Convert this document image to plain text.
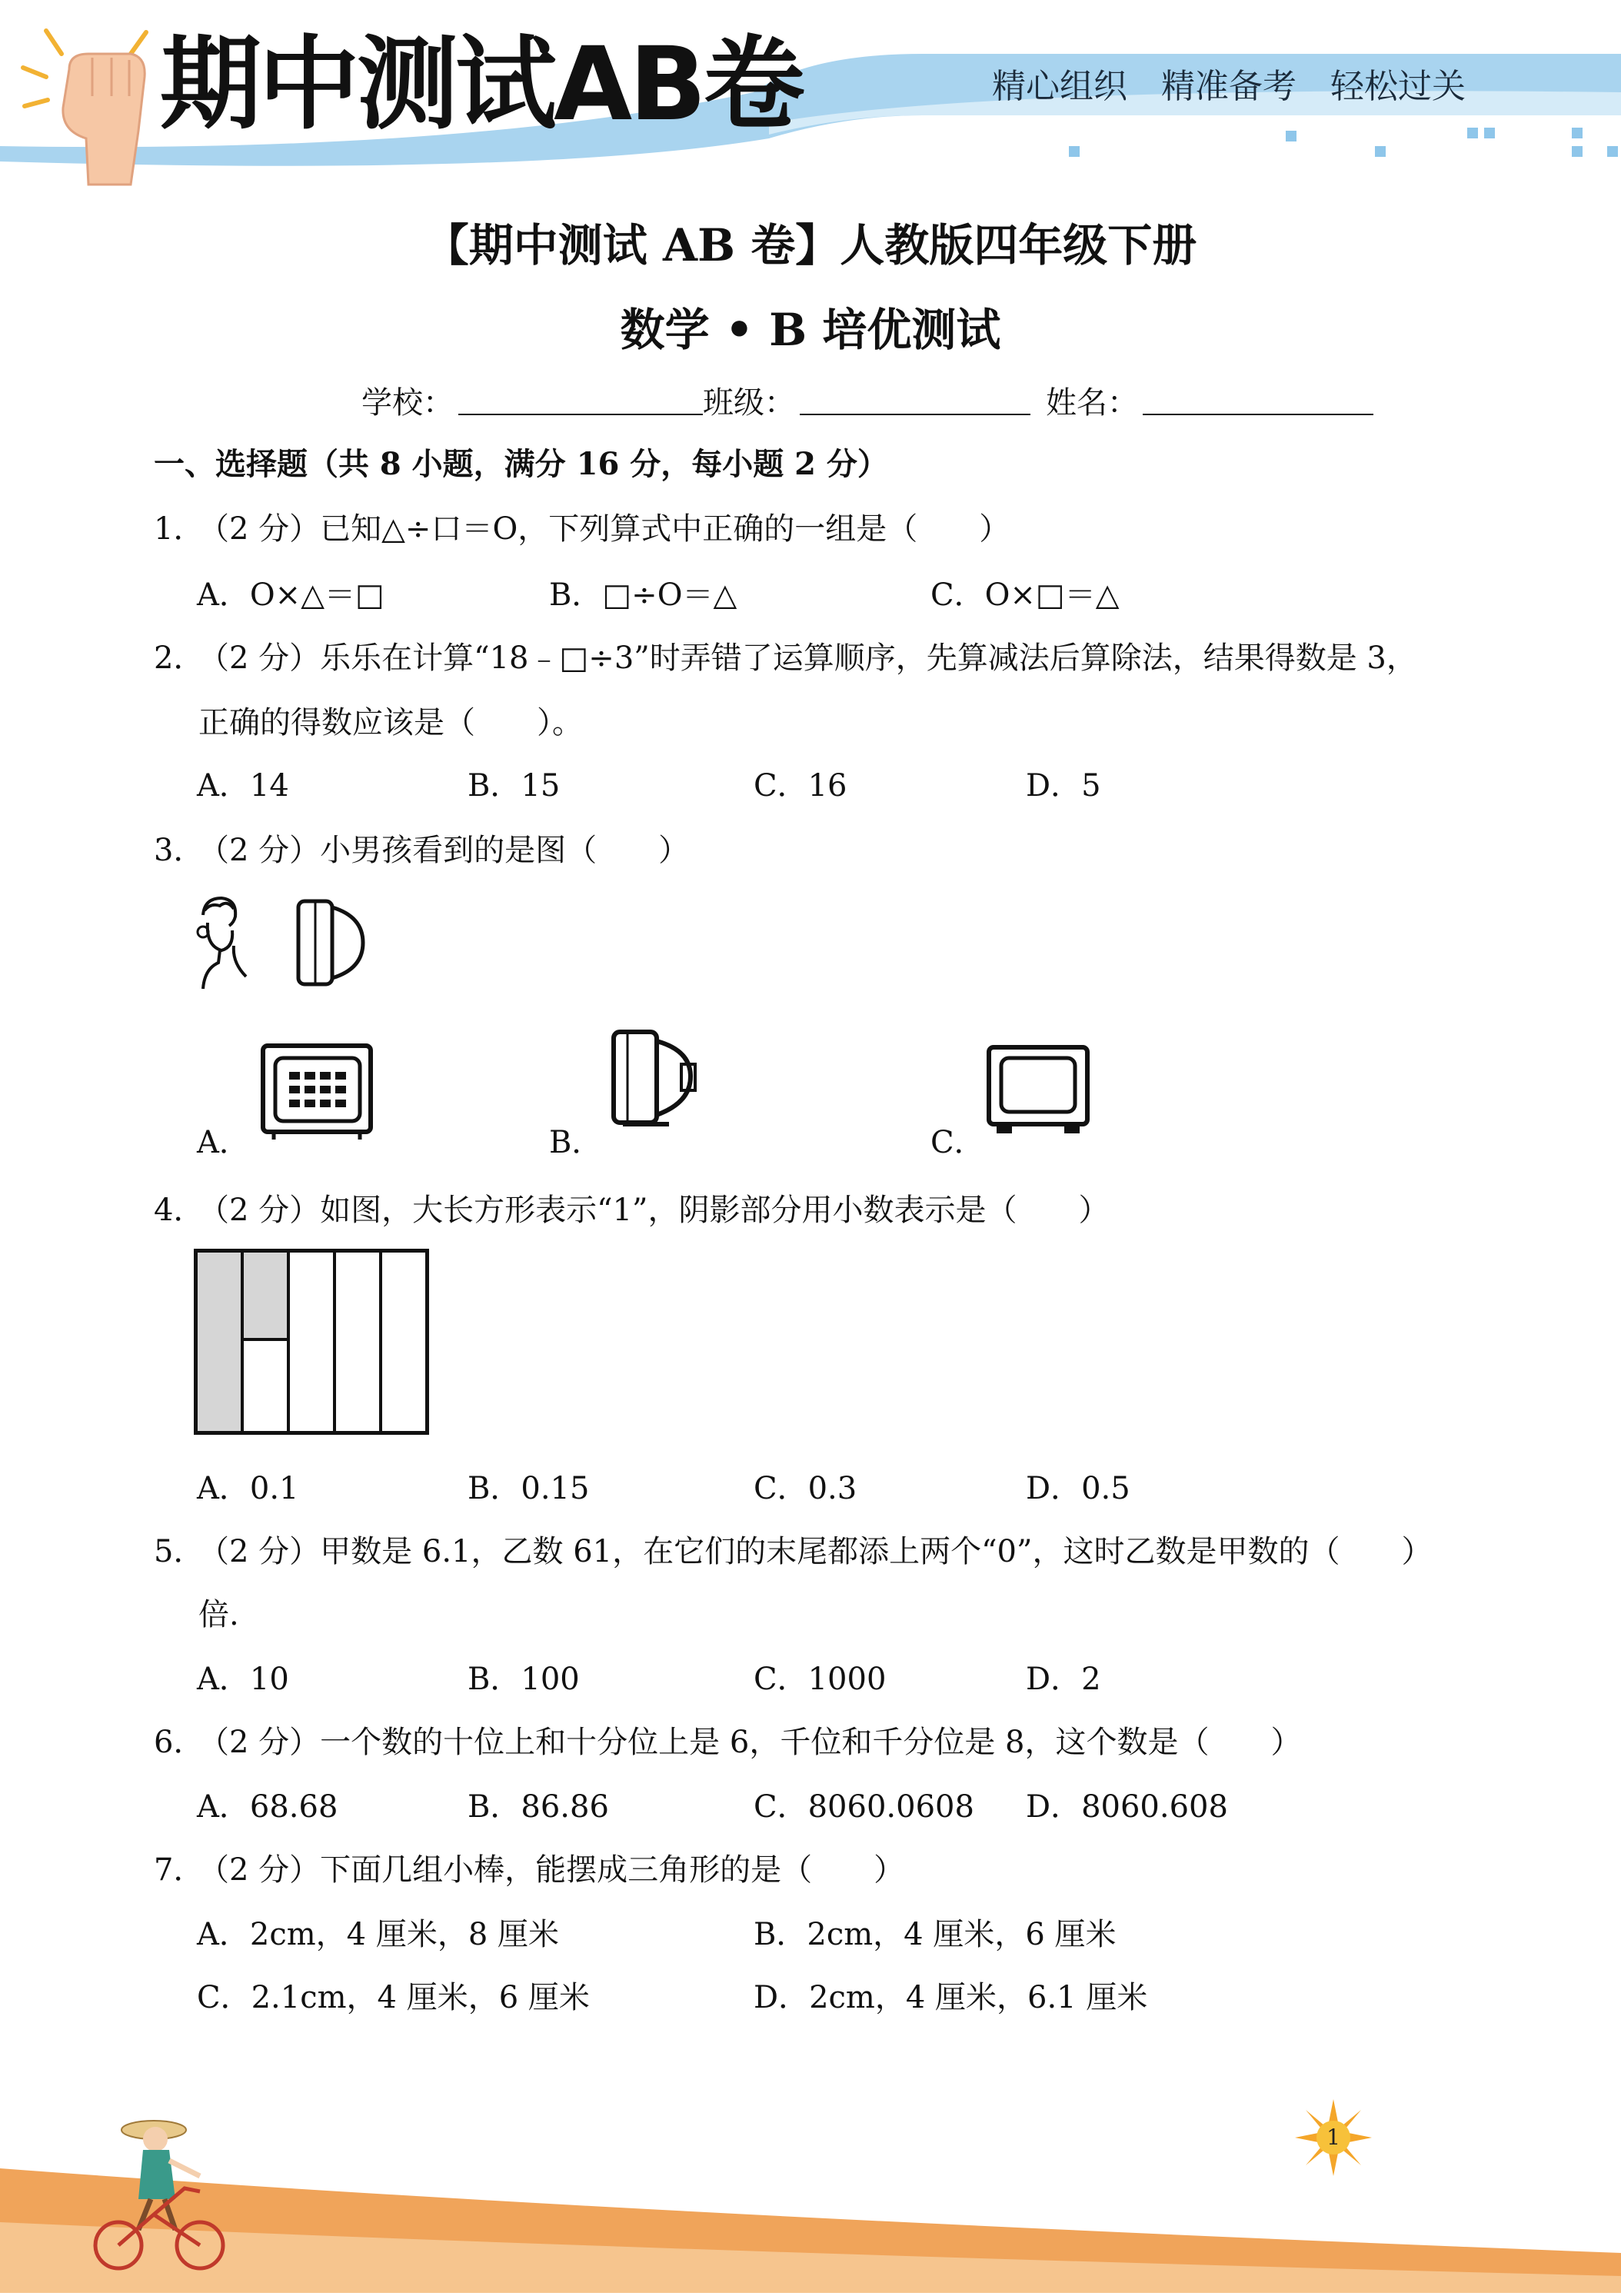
期中测试AB卷	精心组织　精准备考　轻松过关
【期中测试 AB 卷】人教版四年级下册
数学 • B 培优测试
学校：	班级：	姓名：
一、选择题（共 8 小题，满分 16 分，每小题 2 分）
1．
（2 分）已知△÷口＝O，下列算式中正确的一组是（　　）
A．O×△＝□	B．□÷O＝△	C．O×□＝△
2．
（2 分）乐乐在计算“18﹣□÷3”时弄错了运算顺序，先算减法后算除法，结果得数是 3，
正确的得数应该是（　　）。
A．14	B．15	C．16	D．5
3．
（2 分）小男孩看到的是图（　　）
A．	B．	C．
4．
（2 分）如图，大长方形表示“1”，阴影部分用小数表示是（　　）
A．0.1	B．0.15	C．0.3	D．0.5
5．
（2 分）甲数是 6.1，乙数 61，在它们的末尾都添上两个“0”，这时乙数是甲数的（　　）
倍.
A．10	B．100	C．1000	D．2
6．
（2 分）一个数的十位上和十分位上是 6，千位和千分位是 8，这个数是（　　）
A．68.68	B．86.86	C．8060.0608 D．8060.608
7．
（2 分）下面几组小棒，能摆成三角形的是（　　）
A．2cm，4 厘米，8 厘米	B．2cm，4 厘米，6 厘米
C．2.1cm，4 厘米，6 厘米	D．2cm，4 厘米，6.1 厘米
1
